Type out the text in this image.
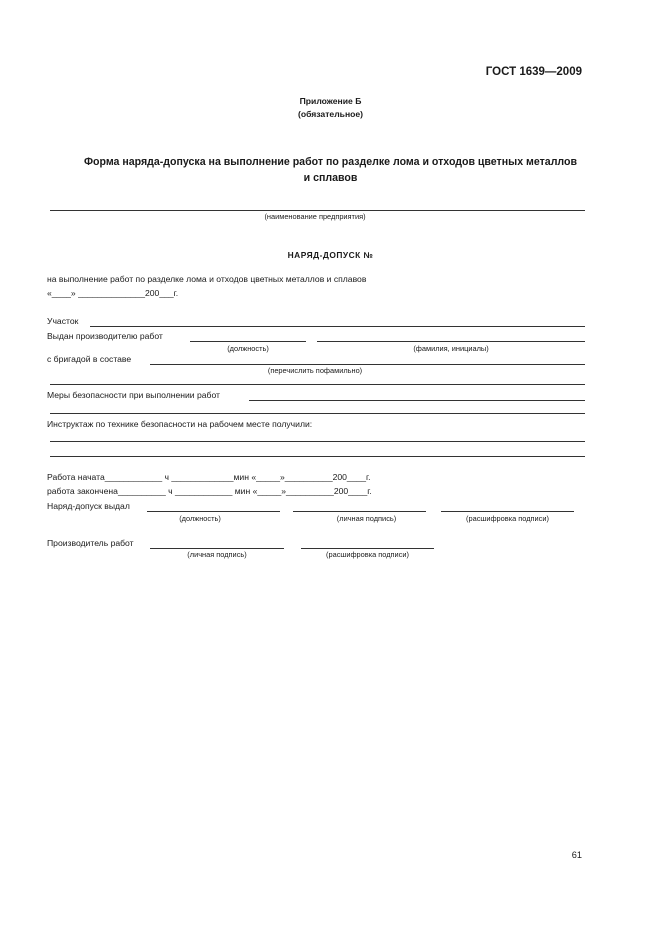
ГОСТ 1639—2009
Приложение Б
(обязательное)
Форма наряда-допуска на выполнение работ по разделке лома и отходов цветных металлов
и сплавов
(наименование предприятия)
НАРЯД-ДОПУСК №
на выполнение работ по разделке лома и отходов цветных металлов и сплавов
«____» ______________200___г.
Участок
Выдан производителю работ
(должность)	(фамилия, инициалы)
с бригадой в составе
(перечислить пофамильно)
Меры безопасности при выполнении работ
Инструктаж по технике безопасности на рабочем месте получили:
Работа начата____________ ч _____________мин «_____»__________200____г.
работа закончена__________ ч ____________ мин «_____»__________200____г.
Наряд-допуск выдал
(должность)	(личная подпись)	(расшифровка подписи)
Производитель работ
(личная подпись)	(расшифровка подписи)
61
